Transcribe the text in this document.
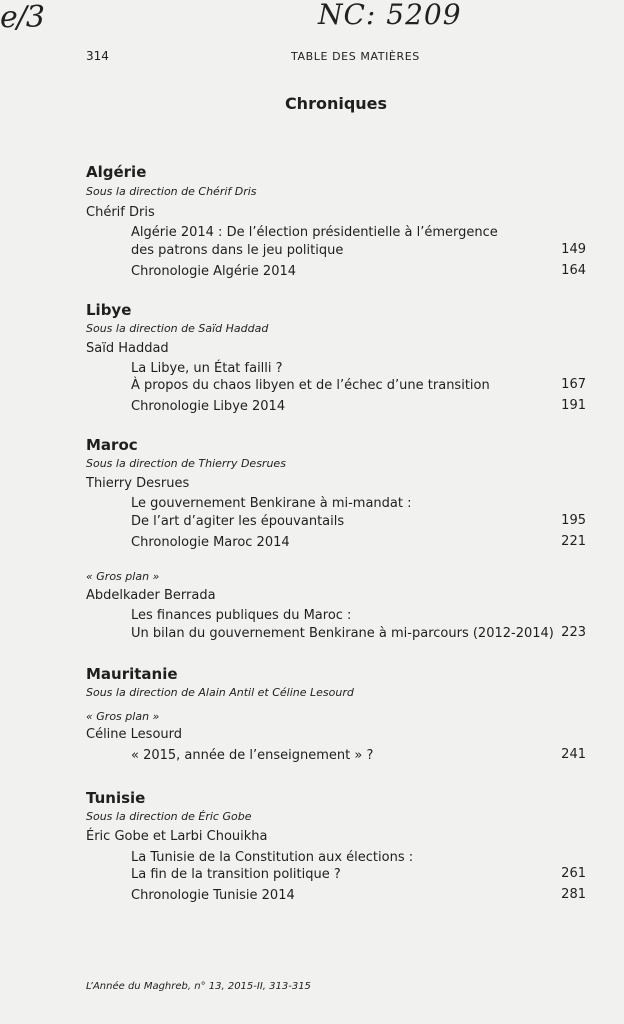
e/3	NC: 5209
314	TABLE DES MATIÈRES
Chroniques
Algérie
Sous la direction de Chérif Dris
Chérif Dris
Algérie 2014 : De l’élection présidentielle à l’émergence
des patrons dans le jeu politique	149
Chronologie Algérie 2014	164
Libye
Sous la direction de Saïd Haddad
Saïd Haddad
La Libye, un État failli ?
À propos du chaos libyen et de l’échec d’une transition	167
Chronologie Libye 2014	191
Maroc
Sous la direction de Thierry Desrues
Thierry Desrues
Le gouvernement Benkirane à mi-mandat :
De l’art d’agiter les épouvantails	195
Chronologie Maroc 2014	221
« Gros plan »
Abdelkader Berrada
Les finances publiques du Maroc :
Un bilan du gouvernement Benkirane à mi-parcours (2012-2014) 223
Mauritanie
Sous la direction de Alain Antil et Céline Lesourd
« Gros plan »
Céline Lesourd
« 2015, année de l’enseignement » ?	241
Tunisie
Sous la direction de Éric Gobe
Éric Gobe et Larbi Chouikha
La Tunisie de la Constitution aux élections :
La fin de la transition politique ?	261
Chronologie Tunisie 2014	281
L’Année du Maghreb, n° 13, 2015-II, 313-315
